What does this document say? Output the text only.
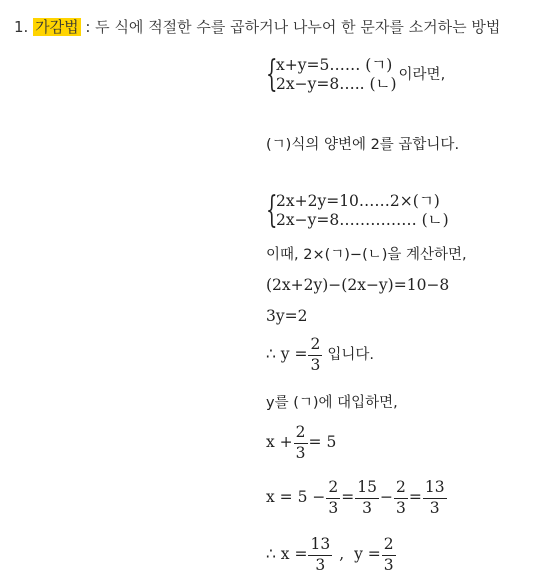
1. 가감법 : 두 식에 적절한 수를 곱하거나 나누어 한 문자를 소거하는 방법
{
x+y=5…… (ㄱ)
2x−y=8….. (ㄴ)
이라면,
(ㄱ)식의 양변에 2를 곱합니다.
{
2x+2y=10……2×(ㄱ)
2x−y=8…………… (ㄴ)
이때, 2×(ㄱ)−(ㄴ)을 계산하면,
(2x+2y)−(2x−y)=10−8
3y=2
∴ $y = \frac{2}{3}$ 입니다.
y를 (ㄱ)에 대입하면,
$x + \frac{2}{3} = 5$
$x = 5 - \frac{2}{3} = \frac{15}{3} - \frac{2}{3} = \frac{13}{3}$
∴ $x = \frac{13}{3}$ , $y = \frac{2}{3}$
